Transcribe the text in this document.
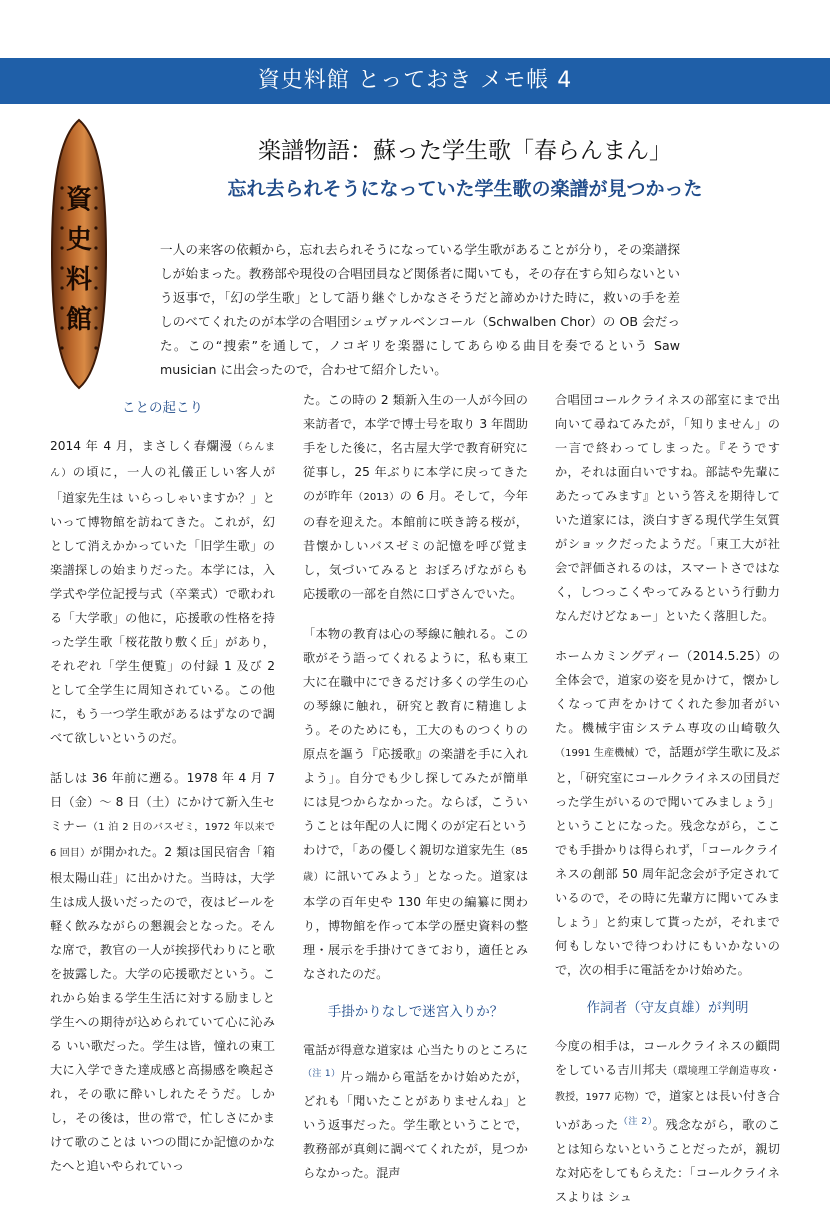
資史料館 とっておき メモ帳 4
資
史
料
館
楽譜物語：蘇った学生歌「春らんまん」
忘れ去られそうになっていた学生歌の楽譜が見つかった
一人の来客の依頼から，忘れ去られそうになっている学生歌があることが分り，その楽譜探しが始まった。教務部や現役の合唱団員など関係者に聞いても，その存在すら知らないという返事で，「幻の学生歌」として語り継ぐしかなさそうだと諦めかけた時に，救いの手を差しのべてくれたのが本学の合唱団シュヴァルベンコール（Schwalben Chor）の OB 会だった。この“捜索”を通して，ノコギリを楽器にしてあらゆる曲目を奏でるという Saw musician に出会ったので，合わせて紹介したい。
ことの起こり

2014 年 4 月，まさしく春爛漫（らんまん）の頃に，一人の礼儀正しい客人が「道家先生は いらっしゃいますか？」といって博物館を訪ねてきた。これが，幻として消えかかっていた「旧学生歌」の楽譜探しの始まりだった。本学には，入学式や学位記授与式（卒業式）で歌われる「大学歌」の他に，応援歌の性格を持った学生歌「桜花散り敷く丘」があり，それぞれ「学生便覧」の付録 1 及び 2 として全学生に周知されている。この他に，もう一つ学生歌があるはずなので調べて欲しいというのだ。

話しは 36 年前に遡る。1978 年 4 月 7 日（金）～ 8 日（土）にかけて新入生セミナー（1 泊 2 日のバスゼミ，1972 年以来で 6 回目）が開かれた。2 類は国民宿舎「箱根太陽山荘」に出かけた。当時は，大学生は成人扱いだったので，夜はビールを軽く飲みながらの懇親会となった。そんな席で，教官の一人が挨拶代わりにと歌を披露した。大学の応援歌だという。これから始まる学生生活に対する励ましと学生への期待が込められていて心に沁みる いい歌だった。学生は皆，憧れの東工大に入学できた達成感と高揚感を喚起され，その歌に酔いしれたそうだ。しかし，その後は，世の常で，忙しさにかまけて歌のことは いつの間にか記憶のかなたへと追いやられていっ

た。この時の 2 類新入生の一人が今回の来訪者で，本学で博士号を取り 3 年間助手をした後に，名古屋大学で教育研究に従事し，25 年ぶりに本学に戻ってきたのが昨年（2013）の 6 月。そして，今年の春を迎えた。本館前に咲き誇る桜が，昔懐かしいバスゼミの記憶を呼び覚まし，気づいてみると おぼろげながらも 応援歌の一部を自然に口ずさんでいた。

「本物の教育は心の琴線に触れる。この歌がそう語ってくれるように，私も東工大に在職中にできるだけ多くの学生の心の琴線に触れ，研究と教育に精進しよう。そのためにも，工大のものつくりの原点を謳う『応援歌』の楽譜を手に入れよう」。自分でも少し探してみたが簡単には見つからなかった。ならば，こういうことは年配の人に聞くのが定石というわけで，「あの優しく親切な道家先生（85 歳）に訊いてみよう」となった。道家は本学の百年史や 130 年史の編纂に関わり，博物館を作って本学の歴史資料の整理・展示を手掛けてきており，適任とみなされたのだ。

手掛かりなしで迷宮入りか？

電話が得意な道家は 心当たりのところに$^{(注 1)}$片っ端から電話をかけ始めたが，どれも「聞いたことがありませんね」という返事だった。学生歌ということで，教務部が真剣に調べてくれたが，見つからなかった。混声

合唱団コールクライネスの部室にまで出向いて尋ねてみたが，「知りません」の一言で終わってしまった。『そうですか，それは面白いですね。部誌や先輩にあたってみます』という答えを期待していた道家には，淡白すぎる現代学生気質がショックだったようだ。「東工大が社会で評価されるのは，スマートさではなく，しつっこくやってみるという行動力なんだけどなぁー」といたく落胆した。

ホームカミングディー（2014.5.25）の全体会で，道家の姿を見かけて，懐かしくなって声をかけてくれた参加者がいた。機械宇宙システム専攻の山崎敬久（1991 生産機械）で，話題が学生歌に及ぶと，「研究室にコールクライネスの団員だった学生がいるので聞いてみましょう」ということになった。残念ながら，ここでも手掛かりは得られず，「コールクライネスの創部 50 周年記念会が予定されているので，その時に先輩方に聞いてみましょう」と約束して貰ったが，それまで何もしないで待つわけにもいかないので，次の相手に電話をかけ始めた。

作詞者（守友貞雄）が判明

今度の相手は，コールクライネスの顧問をしている吉川邦夫（環境理工学創造専攻・教授，1977 応物）で，道家とは長い付き合いがあった$^{(注 2)}$。残念ながら，歌のことは知らないということだったが，親切な対応をしてもらえた：「コールクライネスよりは シュ
